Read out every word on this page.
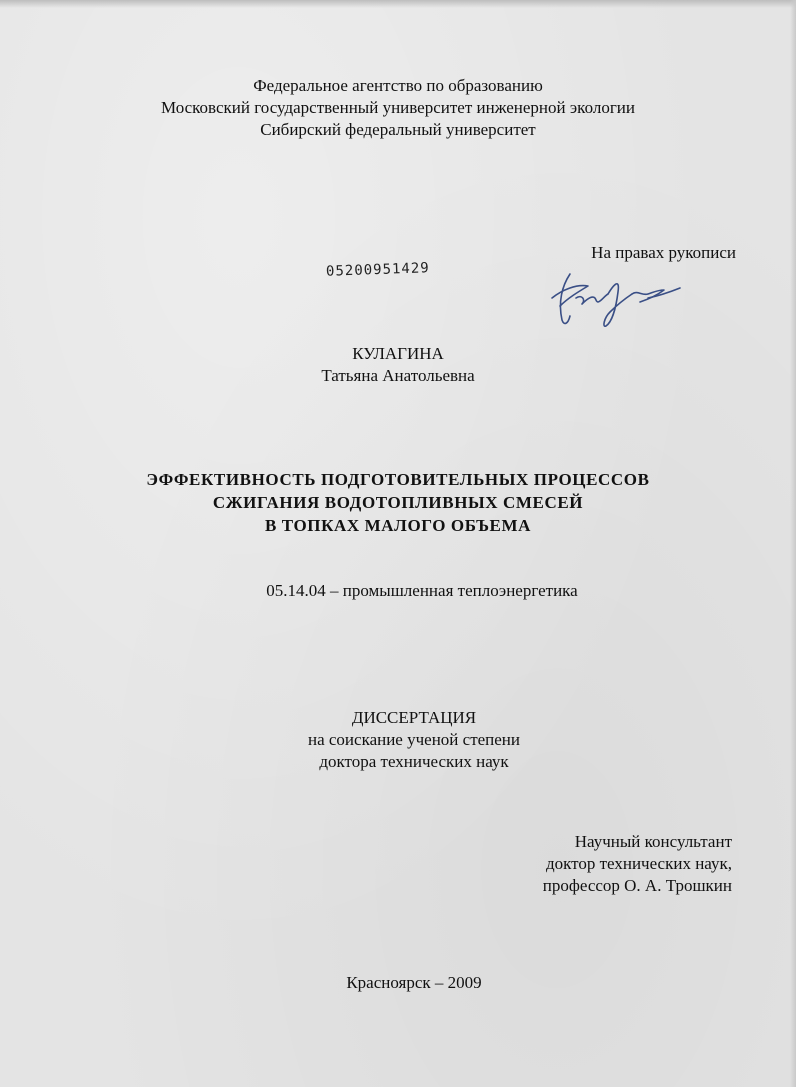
Федеральное агентство по образованию
Московский государственный университет инженерной экологии
Сибирский федеральный университет
На правах рукописи
05200951429
КУЛАГИНА
Татьяна Анатольевна
ЭФФЕКТИВНОСТЬ ПОДГОТОВИТЕЛЬНЫХ ПРОЦЕССОВ
СЖИГАНИЯ ВОДОТОПЛИВНЫХ СМЕСЕЙ
В ТОПКАХ МАЛОГО ОБЪЕМА
05.14.04 – промышленная теплоэнергетика
ДИССЕРТАЦИЯ
на соискание ученой степени
доктора технических наук
Научный консультант
доктор технических наук,
профессор О. А. Трошкин
Красноярск – 2009
